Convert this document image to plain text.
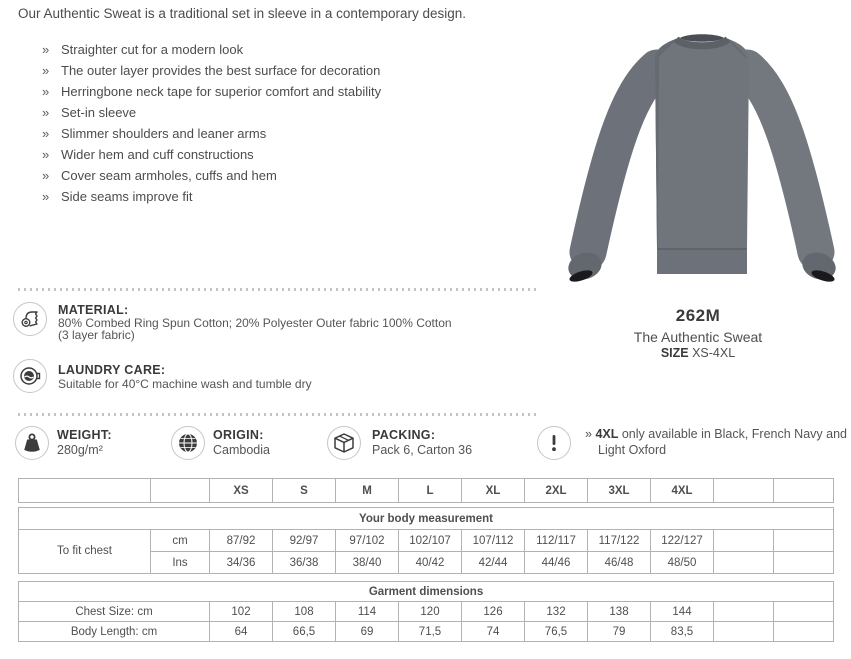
Our Authentic Sweat is a traditional set in sleeve in a contemporary design.

» Straighter cut for a modern look
» The outer layer provides the best surface for decoration
» Herringbone neck tape for superior comfort and stability
» Set-in sleeve
» Slimmer shoulders and leaner arms
» Wider hem and cuff constructions
» Cover seam armholes, cuffs and hem
» Side seams improve fit
262M
The Authentic Sweat
SIZE XS-4XL
MATERIAL:
80% Combed Ring Spun Cotton; 20% Polyester Outer fabric 100% Cotton
(3 layer fabric)
LAUNDRY CARE:
Suitable for 40°C machine wash and tumble dry
WEIGHT:
280g/m²
ORIGIN:
Cambodia
PACKING:
Pack 6, Carton 36
» 4XL only available in Black, French Navy and Light Oxford
		XS	S	M	L	XL	2XL	3XL	4XL		
Your body measurement											
To fit chest	cm	87/92	92/97	97/102	102/107	107/112	112/117	117/122	122/127		
	Ins	34/36	36/38	38/40	40/42	42/44	44/46	46/48	48/50		
Garment dimensions										
Chest Size: cm	102	108	114	120	126	132	138	144		
Body Length: cm	64	66,5	69	71,5	74	76,5	79	83,5		
